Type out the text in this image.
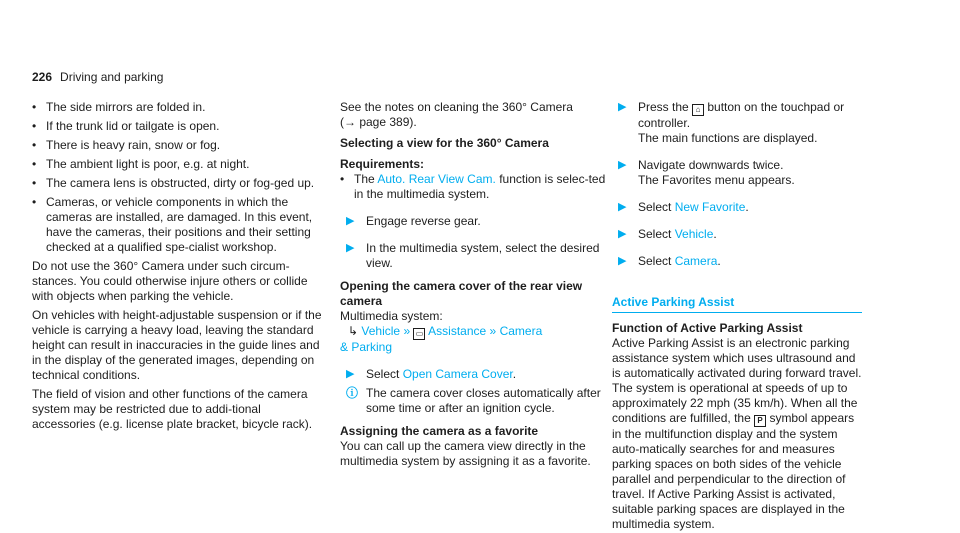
226 Driving and parking
• The side mirrors are folded in.
• If the trunk lid or tailgate is open.
• There is heavy rain, snow or fog.
• The ambient light is poor, e.g. at night.
• The camera lens is obstructed, dirty or fog-ged up.
• Cameras, or vehicle components in which the cameras are installed, are damaged. In this event, have the cameras, their positions and their setting checked at a qualified spe-cialist workshop.

Do not use the 360° Camera under such circum-stances. You could otherwise injure others or collide with objects when parking the vehicle.

On vehicles with height-adjustable suspension or if the vehicle is carrying a heavy load, leaving the standard height can result in inaccuracies in the guide lines and in the display of the generated images, depending on technical conditions.

The field of vision and other functions of the camera system may be restricted due to addi-tional accessories (e.g. license plate bracket, bicycle rack).

See the notes on cleaning the 360° Camera
(→ page 389).

Selecting a view for the 360° Camera

Requirements:

• The Auto. Rear View Cam. function is selec-ted in the multimedia system.
▶ Engage reverse gear.
▶ In the multimedia system, select the desired view.

Opening the camera cover of the rear view camera

Multimedia system:

↳ Vehicle » ▭ Assistance » Camera
& Parking

▶ Select Open Camera Cover.
ⓘ The camera cover closes automatically after some time or after an ignition cycle.

Assigning the camera as a favorite

You can call up the camera view directly in the multimedia system by assigning it as a favorite.

▶ Press the ⌂ button on the touchpad or controller.
The main functions are displayed.
▶ Navigate downwards twice.
The Favorites menu appears.
▶ Select New Favorite.
▶ Select Vehicle.
▶ Select Camera.
Active Parking Assist

Function of Active Parking Assist

Active Parking Assist is an electronic parking assistance system which uses ultrasound and is automatically activated during forward travel. The system is operational at speeds of up to approximately 22 mph (35 km/h). When all the conditions are fulfilled, the P symbol appears in the multifunction display and the system auto-matically searches for and measures parking spaces on both sides of the vehicle parallel and perpendicular to the direction of travel. If Active Parking Assist is activated, suitable parking spaces are displayed in the multimedia system.
